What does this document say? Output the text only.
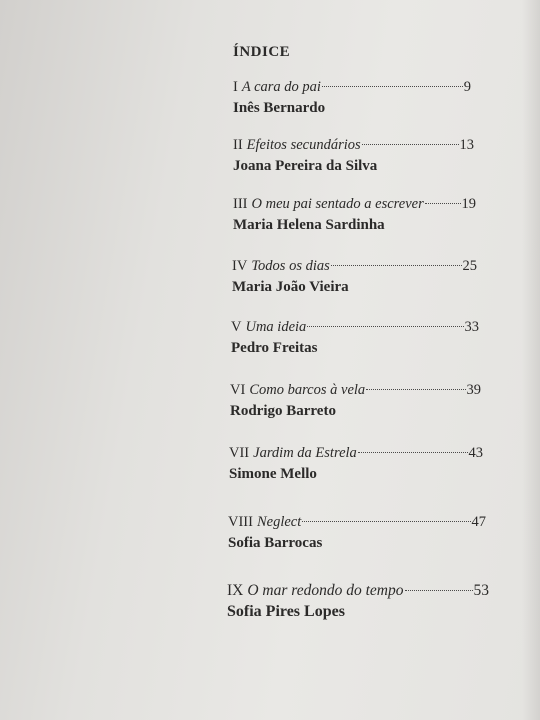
ÍNDICE
I A cara do pai	9
Inês Bernardo
II Efeitos secundários	13
Joana Pereira da Silva
III O meu pai sentado a escrever	19
Maria Helena Sardinha
IV Todos os dias	25
Maria João Vieira
V Uma ideia	33
Pedro Freitas
VI Como barcos à vela	39
Rodrigo Barreto
VII Jardim da Estrela	43
Simone Mello
VIII Neglect	47
Sofia Barrocas
IX O mar redondo do tempo	53
Sofia Pires Lopes
